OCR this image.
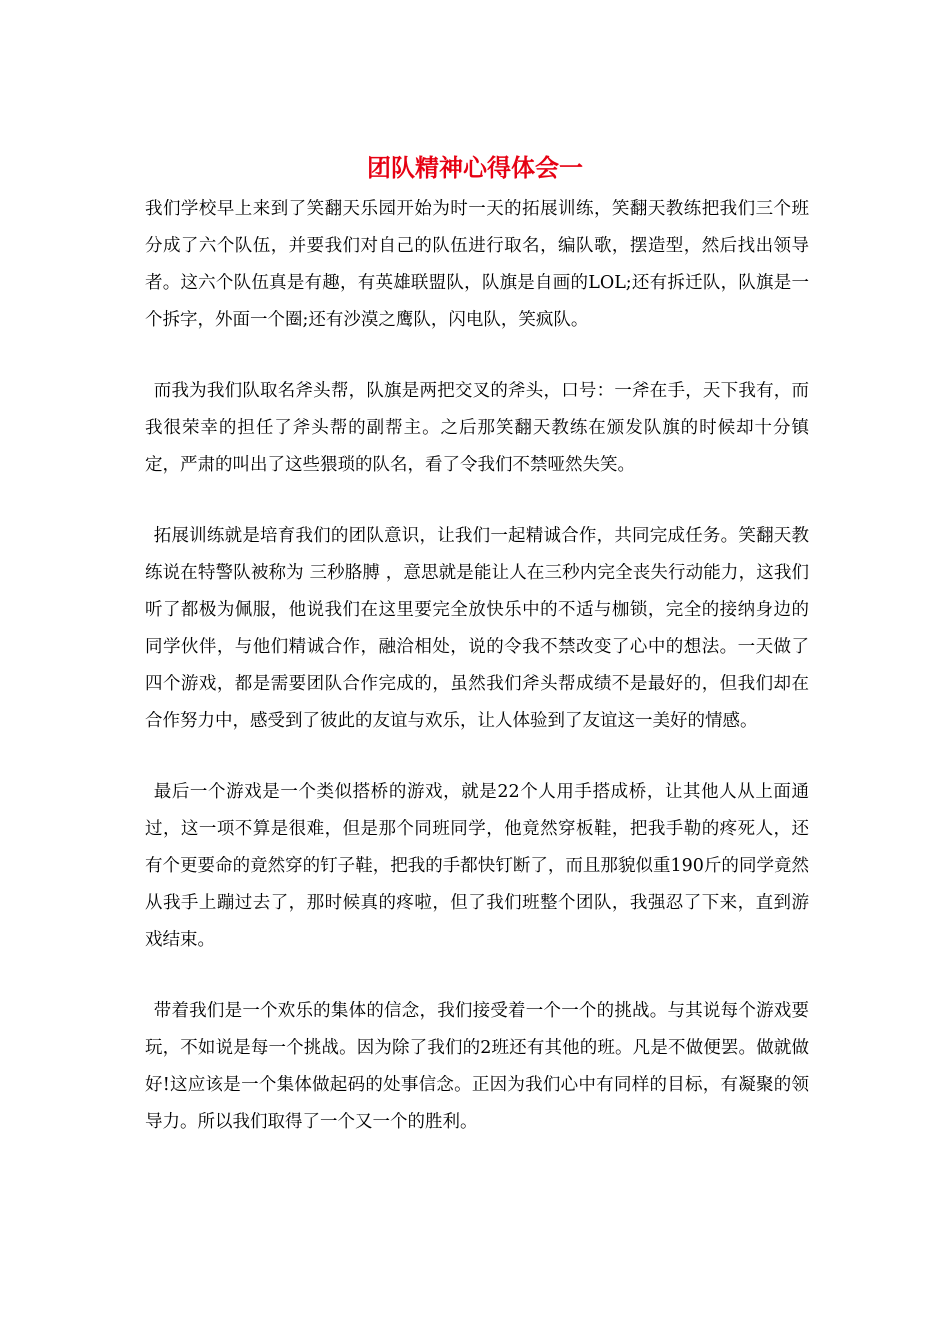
团队精神心得体会一

我们学校早上来到了笑翻天乐园开始为时一天的拓展训练，笑翻天教练把我们三个班分成了六个队伍，并要我们对自己的队伍进行取名，编队歌，摆造型，然后找出领导者。这六个队伍真是有趣，有英雄联盟队，队旗是自画的LOL;还有拆迁队，队旗是一个拆字，外面一个圈;还有沙漠之鹰队，闪电队，笑疯队。

而我为我们队取名斧头帮，队旗是两把交叉的斧头，口号：一斧在手，天下我有，而我很荣幸的担任了斧头帮的副帮主。之后那笑翻天教练在颁发队旗的时候却十分镇定，严肃的叫出了这些猥琐的队名，看了令我们不禁哑然失笑。

拓展训练就是培育我们的团队意识，让我们一起精诚合作，共同完成任务。笑翻天教练说在特警队被称为 三秒胳膊 ，意思就是能让人在三秒内完全丧失行动能力，这我们听了都极为佩服，他说我们在这里要完全放快乐中的不适与枷锁，完全的接纳身边的同学伙伴，与他们精诚合作，融洽相处，说的令我不禁改变了心中的想法。一天做了四个游戏，都是需要团队合作完成的，虽然我们斧头帮成绩不是最好的，但我们却在合作努力中，感受到了彼此的友谊与欢乐，让人体验到了友谊这一美好的情感。

最后一个游戏是一个类似搭桥的游戏，就是22个人用手搭成桥，让其他人从上面通过，这一项不算是很难，但是那个同班同学，他竟然穿板鞋，把我手勒的疼死人，还有个更要命的竟然穿的钉子鞋，把我的手都快钉断了，而且那貌似重190斤的同学竟然从我手上蹦过去了，那时候真的疼啦，但了我们班整个团队，我强忍了下来，直到游戏结束。

带着我们是一个欢乐的集体的信念，我们接受着一个一个的挑战。与其说每个游戏要玩，不如说是每一个挑战。因为除了我们的2班还有其他的班。凡是不做便罢。做就做好!这应该是一个集体做起码的处事信念。正因为我们心中有同样的目标，有凝聚的领导力。所以我们取得了一个又一个的胜利。
